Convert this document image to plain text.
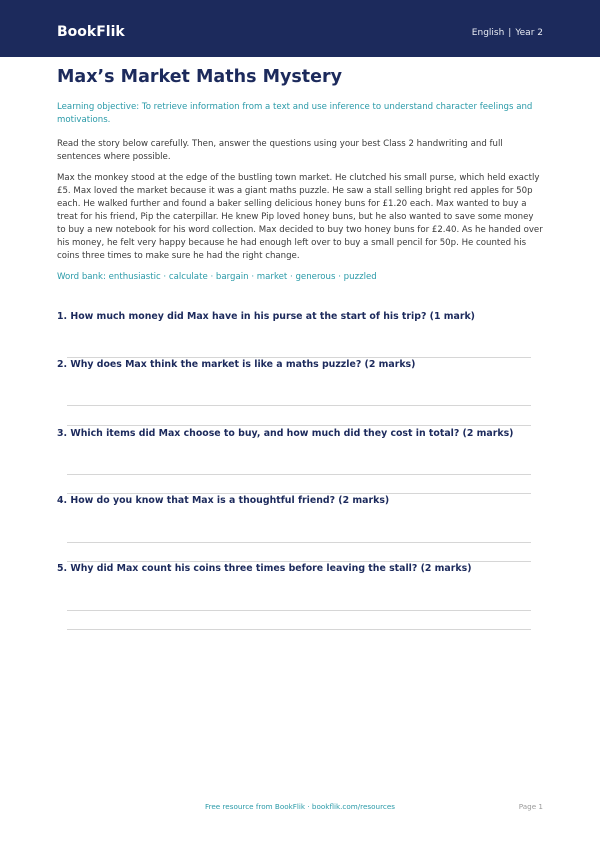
BookFlik	English | Year 2
Max’s Market Maths Mystery
Learning objective: To retrieve information from a text and use inference to understand character feelings and motivations.
Read the story below carefully. Then, answer the questions using your best Class 2 handwriting and full sentences where possible.
Max the monkey stood at the edge of the bustling town market. He clutched his small purse, which held exactly £5. Max loved the market because it was a giant maths puzzle. He saw a stall selling bright red apples for 50p each. He walked further and found a baker selling delicious honey buns for £1.20 each. Max wanted to buy a treat for his friend, Pip the caterpillar. He knew Pip loved honey buns, but he also wanted to save some money to buy a new notebook for his word collection. Max decided to buy two honey buns for £2.40. As he handed over his money, he felt very happy because he had enough left over to buy a small pencil for 50p. He counted his coins three times to make sure he had the right change.
Word bank: enthusiastic · calculate · bargain · market · generous · puzzled
1. How much money did Max have in his purse at the start of his trip? (1 mark)
2. Why does Max think the market is like a maths puzzle? (2 marks)
3. Which items did Max choose to buy, and how much did they cost in total? (2 marks)
4. How do you know that Max is a thoughtful friend? (2 marks)
5. Why did Max count his coins three times before leaving the stall? (2 marks)
Free resource from BookFlik · bookflik.com/resources	Page 1
